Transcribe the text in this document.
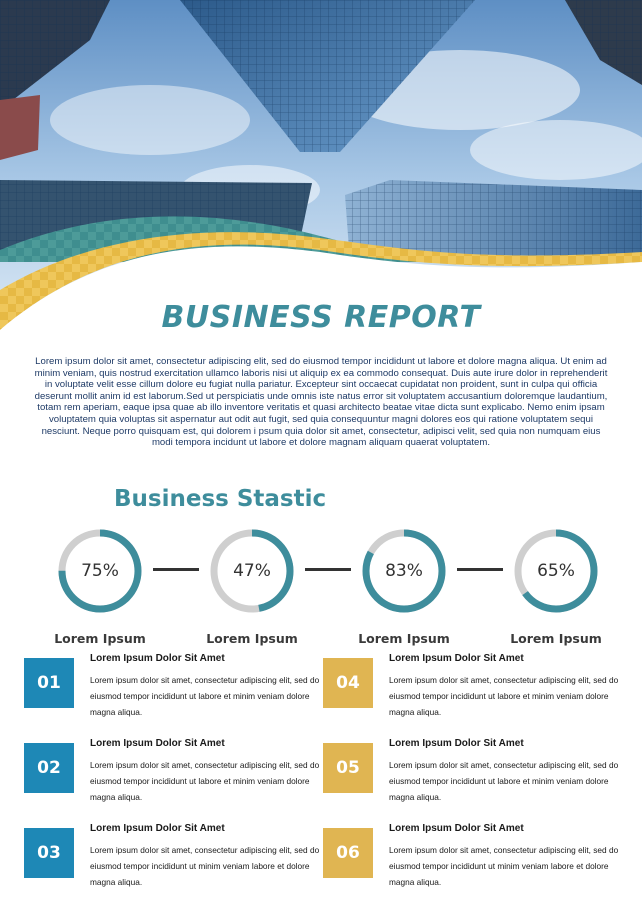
BUSINESS REPORT

Lorem ipsum dolor sit amet, consectetur adipiscing elit, sed do eiusmod tempor incididunt ut labore et dolore magna aliqua. Ut enim ad minim veniam, quis nostrud exercitation ullamco laboris nisi ut aliquip ex ea commodo consequat. Duis aute irure dolor in reprehenderit in voluptate velit esse cillum dolore eu fugiat nulla pariatur. Excepteur sint occaecat cupidatat non proident, sunt in culpa qui officia deserunt mollit anim id est laborum.Sed ut perspiciatis unde omnis iste natus error sit voluptatem accusantium doloremque laudantium, totam rem aperiam, eaque ipsa quae ab illo inventore veritatis et quasi architecto beatae vitae dicta sunt explicabo. Nemo enim ipsam voluptatem quia voluptas sit aspernatur aut odit aut fugit, sed quia consequuntur magni dolores eos qui ratione voluptatem sequi nesciunt. Neque porro quisquam est, qui dolorem i psum quia dolor sit amet, consectetur, adipisci velit, sed quia non numquam eius modi tempora incidunt ut labore et dolore magnam aliquam quaerat voluptatem.

Business Stastic
75%
Lorem Ipsum
47%
Lorem Ipsum
83%
Lorem Ipsum
65%
Lorem Ipsum
01
Lorem Ipsum Dolor Sit Amet
Lorem ipsum dolor sit amet, consectetur adipiscing elit, sed do eiusmod tempor incididunt ut labore et minim veniam dolore magna aliqua.
02
Lorem Ipsum Dolor Sit Amet
Lorem ipsum dolor sit amet, consectetur adipiscing elit, sed do eiusmod tempor incididunt ut labore et minim veniam dolore magna aliqua.
03
Lorem Ipsum Dolor Sit Amet
Lorem ipsum dolor sit amet, consectetur adipiscing elit, sed do eiusmod tempor incididunt ut minim veniam labore et dolore magna aliqua.
04
Lorem Ipsum Dolor Sit Amet
Lorem ipsum dolor sit amet, consectetur adipiscing elit, sed do eiusmod tempor incididunt ut labore et minim veniam dolore magna aliqua.
05
Lorem Ipsum Dolor Sit Amet
Lorem ipsum dolor sit amet, consectetur adipiscing elit, sed do eiusmod tempor incididunt ut labore et minim veniam dolore magna aliqua.
06
Lorem Ipsum Dolor Sit Amet
Lorem ipsum dolor sit amet, consectetur adipiscing elit, sed do eiusmod tempor incididunt ut minim veniam labore et dolore magna aliqua.
